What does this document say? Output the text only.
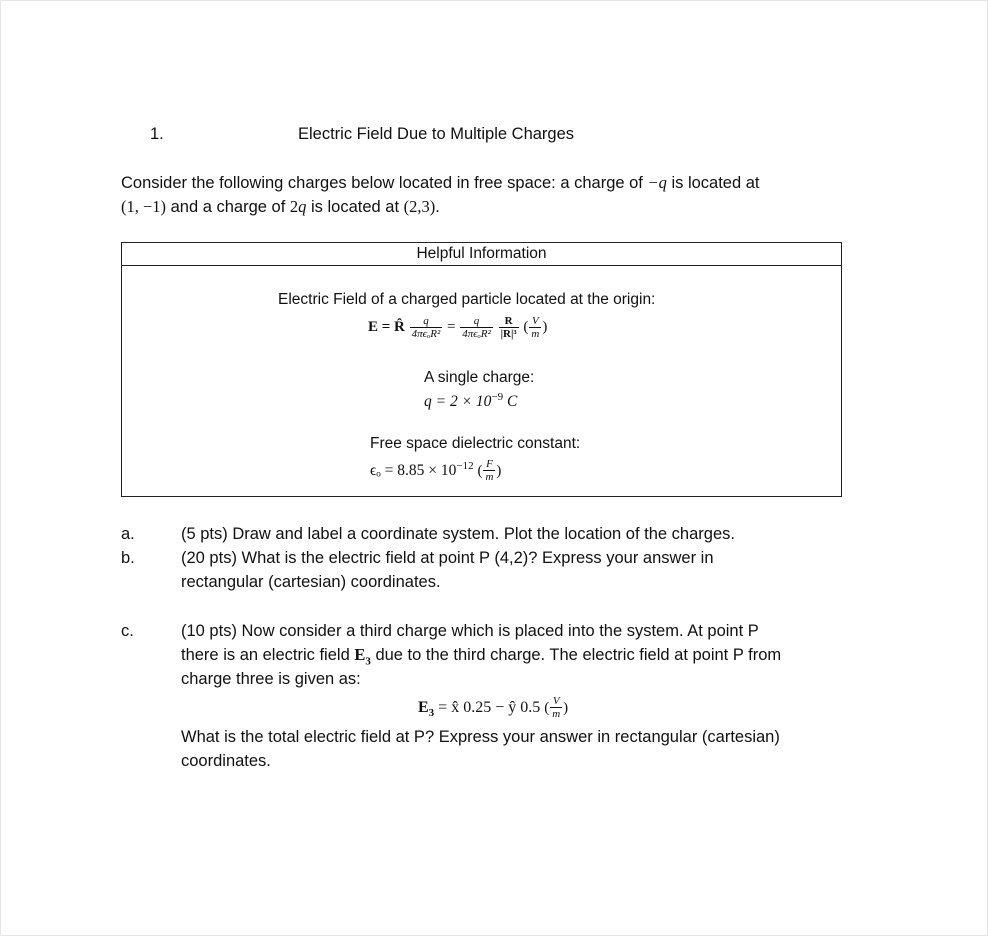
1.	Electric Field Due to Multiple Charges
Consider the following charges below located in free space: a charge of −q is located at
(1, −1) and a charge of 2q is located at (2,3).
Helpful Information
Electric Field of a charged particle located at the origin:
E = R̂ $\frac{q}{\text{4πϵₒR²}} = \frac{q}{\text{4πϵₒR²}}$
$\frac{R}{\text{|R|³}}$ ( $\frac{V}{m}$ )
A single charge:
$q = 2 \times 10^{-9}$ C
Free space dielectric constant:
$\epsilon_o = 8.85 \times 10^{-12}$ ( $\frac{F}{m}$ )
a.	(5 pts) Draw and label a coordinate system. Plot the location of the charges.
b.	(20 pts) What is the electric field at point P (4,2)? Express your answer in
rectangular (cartesian) coordinates.
c.	(10 pts) Now consider a third charge which is placed into the system. At point P
there is an electric field $E_3$ due to the third charge. The electric field at point P from
charge three is given as:
$E_3$ = x̂ 0.25 − ŷ 0.5 ( $\frac{V}{m}$ )
What is the total electric field at P? Express your answer in rectangular (cartesian)
coordinates.
